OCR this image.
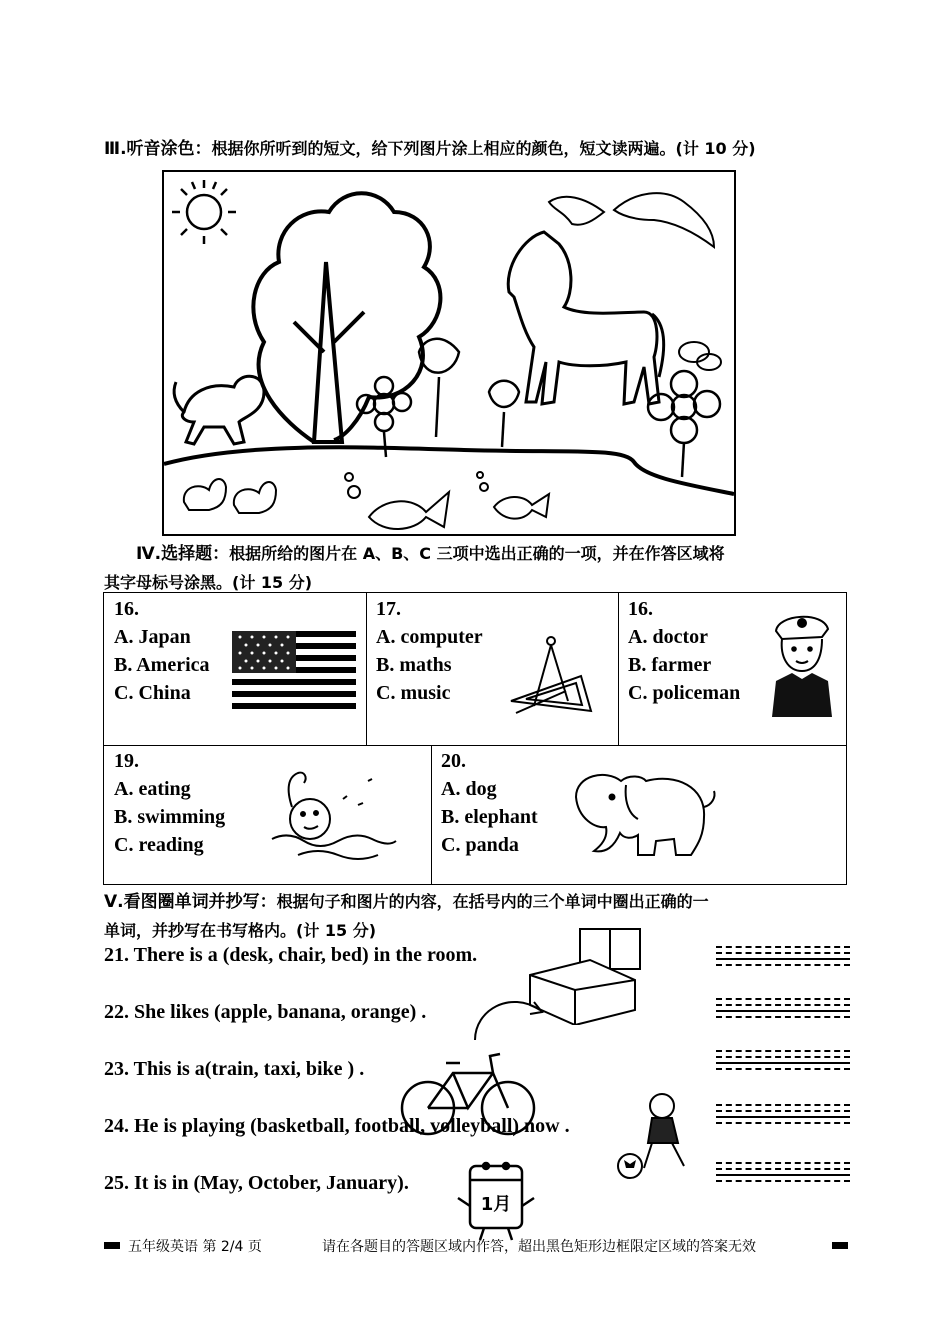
Ⅲ.听音涂色：根据你所听到的短文，给下列图片涂上相应的颜色，短文读两遍。(计 10 分)
Ⅳ.选择题：根据所给的图片在 A、B、C 三项中选出正确的一项，并在作答区域将
其字母标号涂黑。(计 15 分)
16.
A. Japan
B. America
C. China
17.
A. computer
B. maths
C. music
16.
A. doctor
B. farmer
C. policeman
19.
A. eating
B. swimming
C. reading
20.
A. dog
B. elephant
C. panda
Ⅴ.看图圈单词并抄写：根据句子和图片的内容，在括号内的三个单词中圈出正确的一
单词，并抄写在书写格内。(计 15 分)
21. There is a (desk, chair, bed) in the room.
22. She likes (apple, banana, orange) .
23. This is a(train, taxi, bike ) .
24. He is playing (basketball, football, volleyball) now .
25. It is in (May, October, January).
1月
五年级英语 第 2/4 页	请在各题目的答题区域内作答，超出黑色矩形边框限定区域的答案无效
